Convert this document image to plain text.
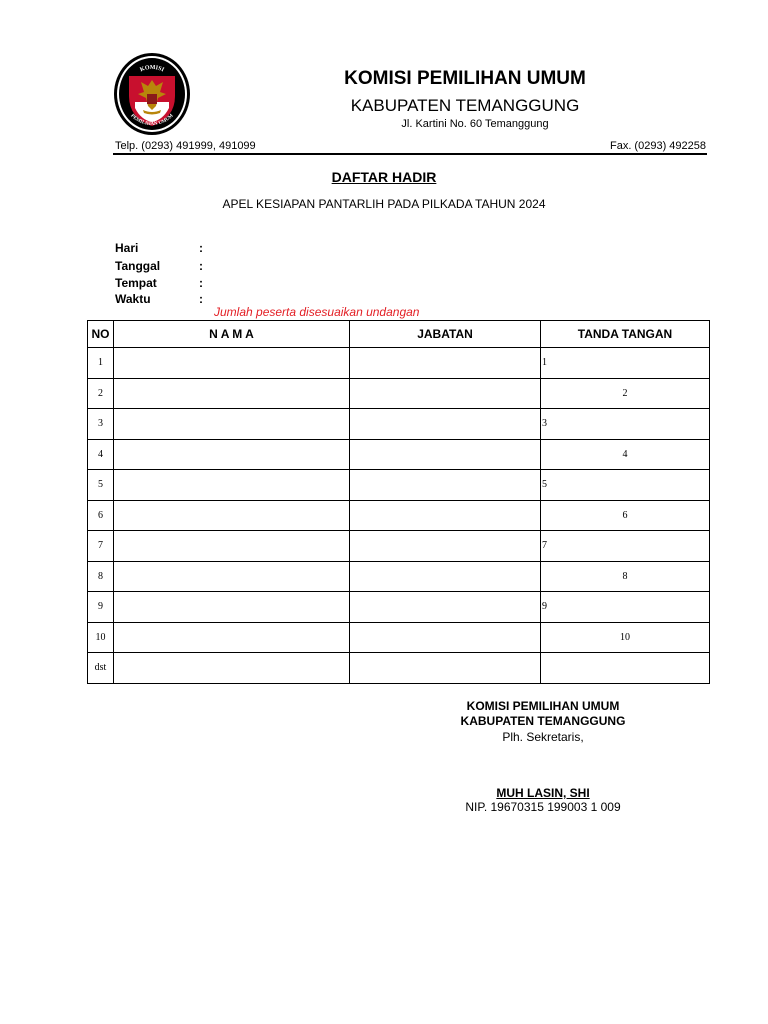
KOMISI
PEMILIHAN UMUM
KOMISI PEMILIHAN UMUM
KABUPATEN TEMANGGUNG
Jl. Kartini No. 60 Temanggung
Telp. (0293) 491999, 491099	Fax. (0293) 492258
DAFTAR HADIR
APEL KESIAPAN PANTARLIH PADA PILKADA TAHUN 2024
Hari	:
Tanggal	:
Tempat	:
Waktu	:
Jumlah peserta disesuaikan undangan
NO	N A M A	JABATAN	TANDA TANGAN
1			1
2			2
3			3
4			4
5			5
6			6
7			7
8			8
9			9
10			10
dst			
KOMISI PEMILIHAN UMUM
KABUPATEN TEMANGGUNG
Plh. Sekretaris,
MUH LASIN, SHI
NIP. 19670315 199003 1 009
